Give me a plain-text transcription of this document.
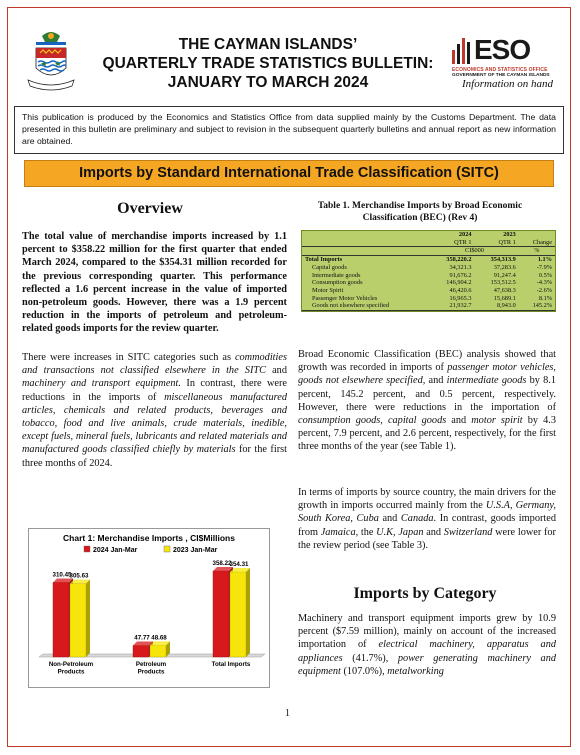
THE CAYMAN ISLANDS’
QUARTERLY TRADE STATISTICS BULLETIN:
JANUARY TO MARCH 2024
ESO
ECONOMICS AND STATISTICS OFFICE
GOVERNMENT OF THE CAYMAN ISLANDS
Information on hand
This publication is produced by the Economics and Statistics Office from data supplied mainly by the Customs Department. The data presented in this bulletin are preliminary and subject to revision in the subsequent quarterly bulletins and annual report as new information are obtained.
Imports by Standard International Trade Classification (SITC)
Overview
The total value of merchandise imports increased by 1.1 percent to $358.22 million for the first quarter that ended March 2024, compared to the $354.31 million recorded for the previous corresponding quarter. This performance reflected a 1.6 percent increase in the value of imported non-petroleum goods. However, there was a 1.9 percent reduction in the imports of petroleum and petroleum-related goods imports for the review quarter.
There were increases in SITC categories such as commodities and transactions not classified elsewhere in the SITC and machinery and transport equipment. In contrast, there were reductions in the imports of miscellaneous manufactured articles, chemicals and related products, beverages and tobacco, food and live animals, crude materials, inedible, except fuels, mineral fuels, lubricants and related materials and manufactured goods classified chiefly by materials for the first three months of 2024.
Chart 1: Merchandise Imports , CI$Millions
2024 Jan-Mar	2023 Jan-Mar
310.45
305.63
Non-Petroleum
Products
47.77 48.68
Petroleum
Products
358.22
354.31
Total Imports
Table 1. Merchandise Imports by Broad Economic
Classification (BEC) (Rev 4)
	2024	2023	
	QTR 1	QTR 1	Change
	CI$000		%
Total Imports	358,220.2	354,313.9	1.1%
Capital goods	34,321.3	37,283.6	-7.9%
Intermediate goods	91,676.2	91,247.4	0.5%
Consumption goods	146,904.2	153,512.5	-4.3%
Motor Spirit	46,420.6	47,638.3	-2.6%
Passenger Motor Vehicles	16,965.3	15,689.1	8.1%
Goods not elsewhere specified	21,932.7	8,943.0	145.2%
Broad Economic Classification (BEC) analysis showed that growth was recorded in imports of passenger motor vehicles, goods not elsewhere specified, and intermediate goods by 8.1 percent, 145.2 percent, and 0.5 percent, respectively. However, there were reductions in the importation of consumption goods, capital goods and motor spirit by 4.3 percent, 7.9 percent, and 2.6 percent, respectively, for the first three months of the year (see Table 1).
In terms of imports by source country, the main drivers for the growth in imports occurred mainly from the U.S.A, Germany, South Korea, Cuba and Canada. In contrast, goods imported from Jamaica, the U.K, Japan and Switzerland were lower for the review period (see Table 3).
Imports by Category
Machinery and transport equipment imports grew by 10.9 percent ($7.59 million), mainly on account of the increased importation of electrical machinery, apparatus and appliances (41.7%), power generating machinery and equipment (107.0%), metalworking
1
